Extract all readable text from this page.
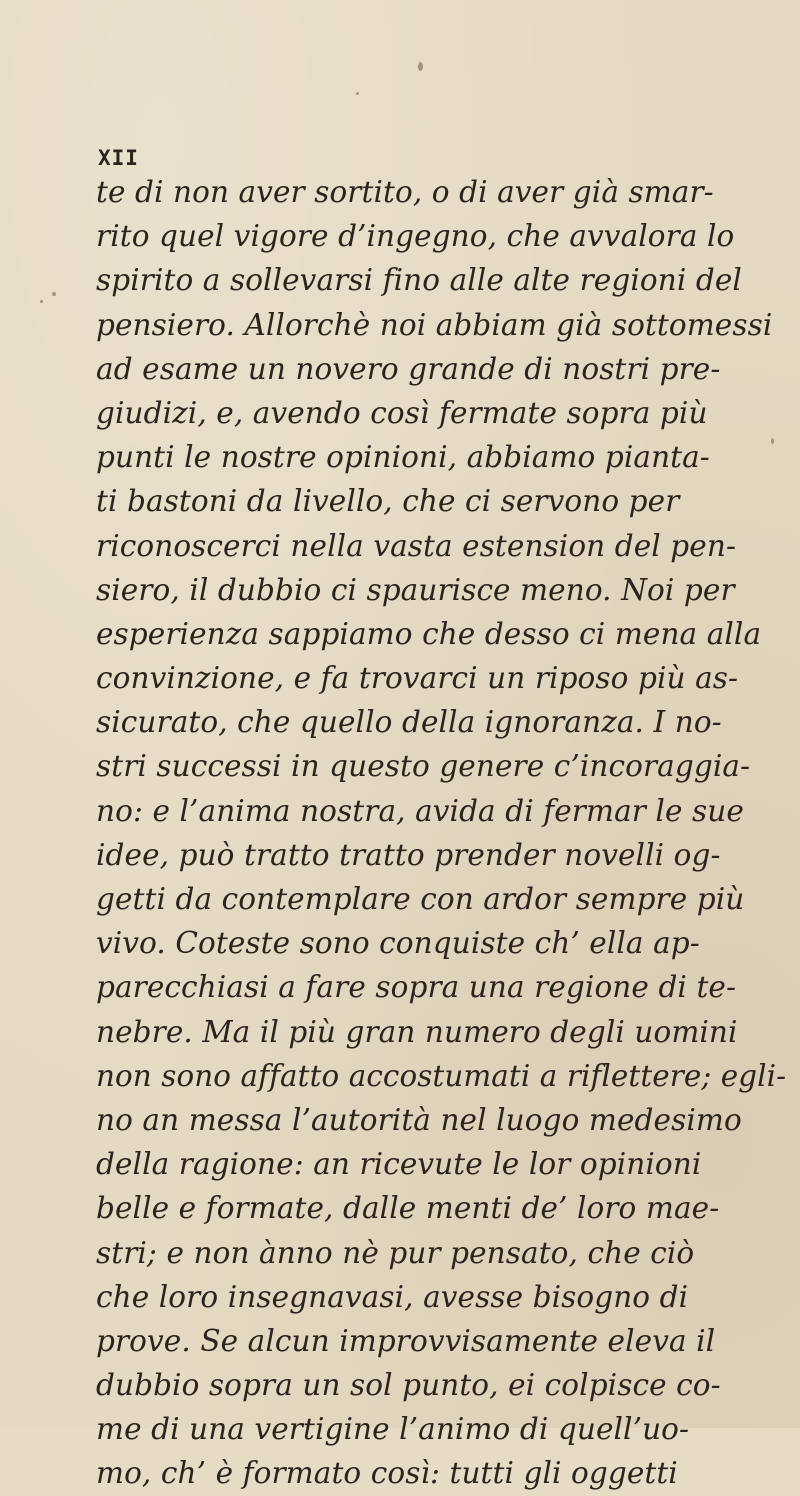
XII
te di non aver sortito, o di aver già smar-
rito quel vigore d’ingegno, che avvalora lo
spirito a sollevarsi fino alle alte regioni del
pensiero. Allorchè noi abbiam già sottomessi
ad esame un novero grande di nostri pre-
giudizi, e, avendo così fermate sopra più
punti le nostre opinioni, abbiamo pianta-
ti bastoni da livello, che ci servono per
riconoscerci nella vasta estension del pen-
siero, il dubbio ci spaurisce meno. Noi per
esperienza sappiamo che desso ci mena alla
convinzione, e fa trovarci un riposo più as-
sicurato, che quello della ignoranza. I no-
stri successi in questo genere c’incoraggia-
no: e l’anima nostra, avida di fermar le sue
idee, può tratto tratto prender novelli og-
getti da contemplare con ardor sempre più
vivo. Coteste sono conquiste ch’ ella ap-
parecchiasi a fare sopra una regione di te-
nebre. Ma il più gran numero degli uomini
non sono affatto accostumati a riflettere; egli-
no an messa l’autorità nel luogo medesimo
della ragione: an ricevute le lor opinioni
belle e formate, dalle menti de’ loro mae-
stri; e non ànno nè pur pensato, che ciò
che loro insegnavasi, avesse bisogno di
prove. Se alcun improvvisamente eleva il
dubbio sopra un sol punto, ei colpisce co-
me di una vertigine l’animo di quell’uo-
mo, ch’ è formato così: tutti gli oggetti
